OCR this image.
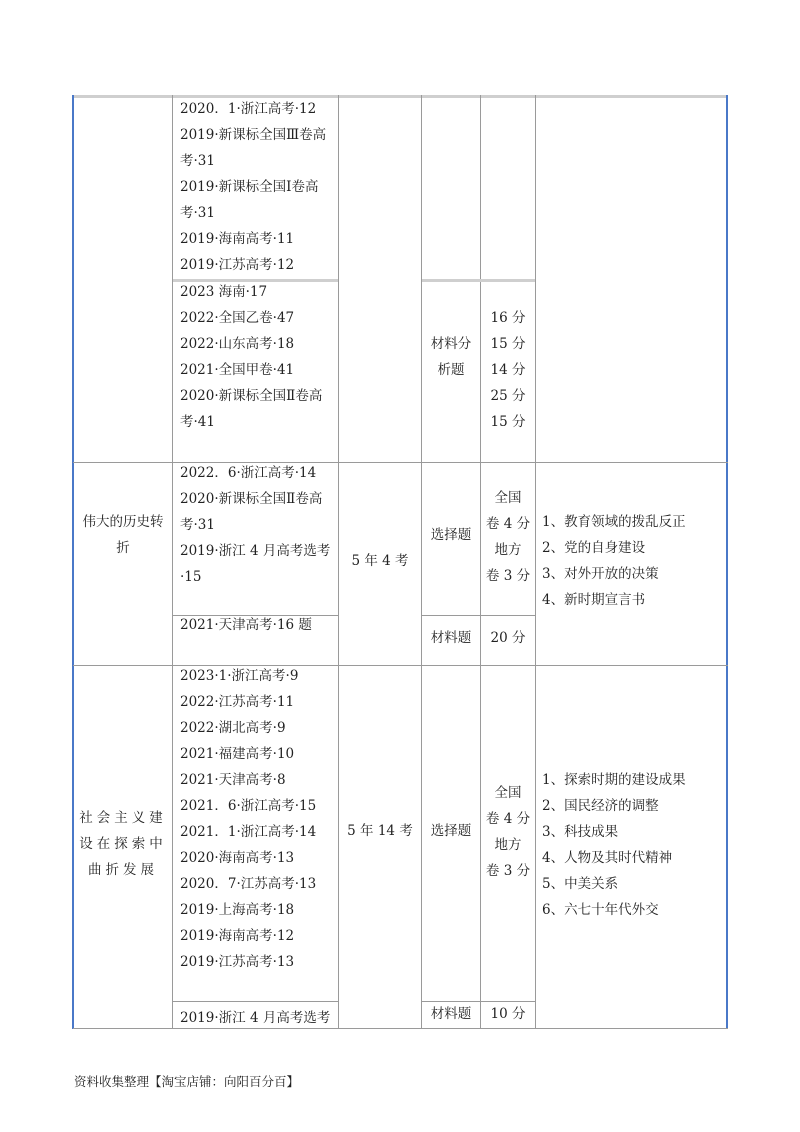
2020．1·浙江高考·12
2019·新课标全国Ⅲ卷高
考·31
2019·新课标全国Ⅰ卷高
考·31
2019·海南高考·11
2019·江苏高考·12
2023 海南·17
2022·全国乙卷·47
2022·山东高考·18
2021·全国甲卷·41
2020·新课标全国Ⅱ卷高
考·41
材料分
析题
16 分
15 分
14 分
25 分
15 分
伟大的历史转
折
2022．6·浙江高考·14
2020·新课标全国Ⅱ卷高
考·31
2019·浙江 4 月高考选考
·15
2021·天津高考·16 题
5 年 4 考
选择题
材料题
全国
卷 4 分
地方
卷 3 分
20 分
1、教育领域的拨乱反正
2、党的自身建设
3、对外开放的决策
4、新时期宣言书
社会主义建
设在探索中
曲折发展
2023·1·浙江高考·9
2022·江苏高考·11
2022·湖北高考·9
2021·福建高考·10
2021·天津高考·8
2021．6·浙江高考·15
2021．1·浙江高考·14
2020·海南高考·13
2020．7·江苏高考·13
2019·上海高考·18
2019·海南高考·12
2019·江苏高考·13
2019·浙江 4 月高考选考
5 年 14 考	选择题
材料题
全国
卷 4 分
地方
卷 3 分
10 分
1、探索时期的建设成果
2、国民经济的调整
3、科技成果
4、人物及其时代精神
5、中美关系
6、六七十年代外交
资料收集整理【淘宝店铺：向阳百分百】
